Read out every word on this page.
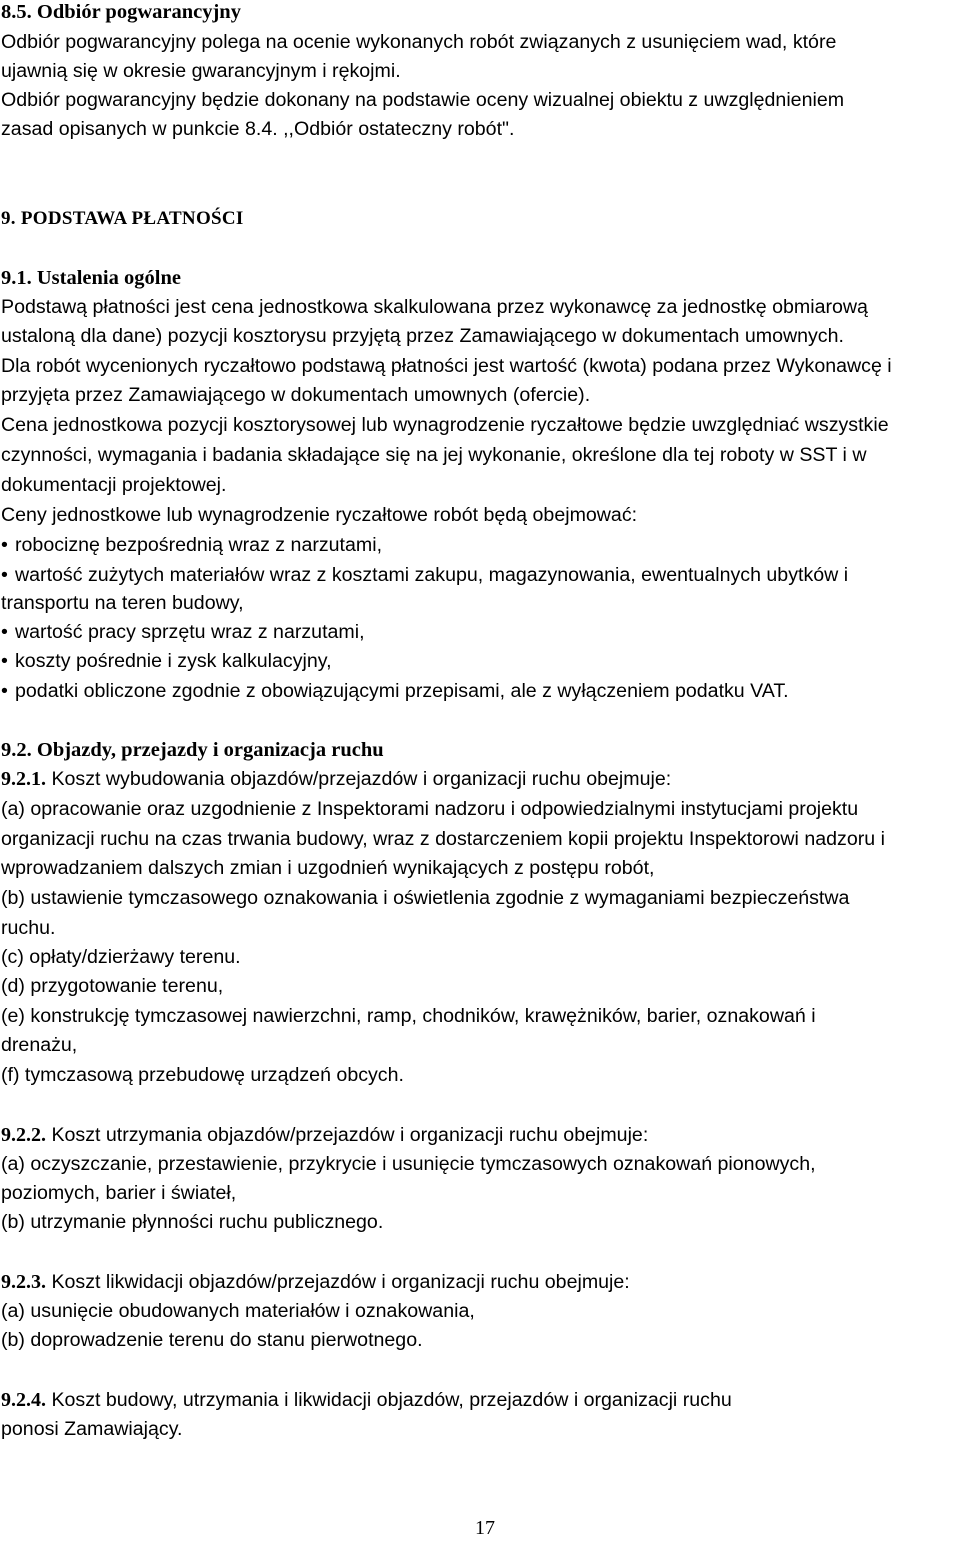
8.5. Odbiór pogwarancyjny
Odbiór pogwarancyjny polega na ocenie wykonanych robót związanych z usunięciem wad, które
ujawnią się w okresie gwarancyjnym i rękojmi.
Odbiór pogwarancyjny będzie dokonany na podstawie oceny wizualnej obiektu z uwzględnieniem
zasad opisanych w punkcie 8.4. ,,Odbiór ostateczny robót".
9. PODSTAWA PŁATNOŚCI
9.1. Ustalenia ogólne
Podstawą płatności jest cena jednostkowa skalkulowana przez wykonawcę za jednostkę obmiarową
ustaloną dla dane) pozycji kosztorysu przyjętą przez Zamawiającego w dokumentach umownych.
Dla robót wycenionych ryczałtowo podstawą płatności jest wartość (kwota) podana przez Wykonawcę i
przyjęta przez Zamawiającego w dokumentach umownych (ofercie).
Cena jednostkowa pozycji kosztorysowej lub wynagrodzenie ryczałtowe będzie uwzględniać wszystkie
czynności, wymagania i badania składające się na jej wykonanie, określone dla tej roboty w SST i w
dokumentacji projektowej.
Ceny jednostkowe lub wynagrodzenie ryczałtowe robót będą obejmować:
• robociznę bezpośrednią wraz z narzutami,
• wartość zużytych materiałów wraz z kosztami zakupu, magazynowania, ewentualnych ubytków i
transportu na teren budowy,
• wartość pracy sprzętu wraz z narzutami,
• koszty pośrednie i zysk kalkulacyjny,
• podatki obliczone zgodnie z obowiązującymi przepisami, ale z wyłączeniem podatku VAT.
9.2. Objazdy, przejazdy i organizacja ruchu
9.2.1. Koszt wybudowania objazdów/przejazdów i organizacji ruchu obejmuje:
(a) opracowanie oraz uzgodnienie z Inspektorami nadzoru i odpowiedzialnymi instytucjami projektu
organizacji ruchu na czas trwania budowy, wraz z dostarczeniem kopii projektu Inspektorowi nadzoru i
wprowadzaniem dalszych zmian i uzgodnień wynikających z postępu robót,
(b) ustawienie tymczasowego oznakowania i oświetlenia zgodnie z wymaganiami bezpieczeństwa
ruchu.
(c) opłaty/dzierżawy terenu.
(d) przygotowanie terenu,
(e) konstrukcję tymczasowej nawierzchni, ramp, chodników, krawężników, barier, oznakowań i
drenażu,
(f) tymczasową przebudowę urządzeń obcych.
9.2.2. Koszt utrzymania objazdów/przejazdów i organizacji ruchu obejmuje:
(a) oczyszczanie, przestawienie, przykrycie i usunięcie tymczasowych oznakowań pionowych,
poziomych, barier i świateł,
(b) utrzymanie płynności ruchu publicznego.
9.2.3. Koszt likwidacji objazdów/przejazdów i organizacji ruchu obejmuje:
(a) usunięcie obudowanych materiałów i oznakowania,
(b) doprowadzenie terenu do stanu pierwotnego.
9.2.4. Koszt budowy, utrzymania i likwidacji objazdów, przejazdów i organizacji ruchu
ponosi Zamawiający.
17
